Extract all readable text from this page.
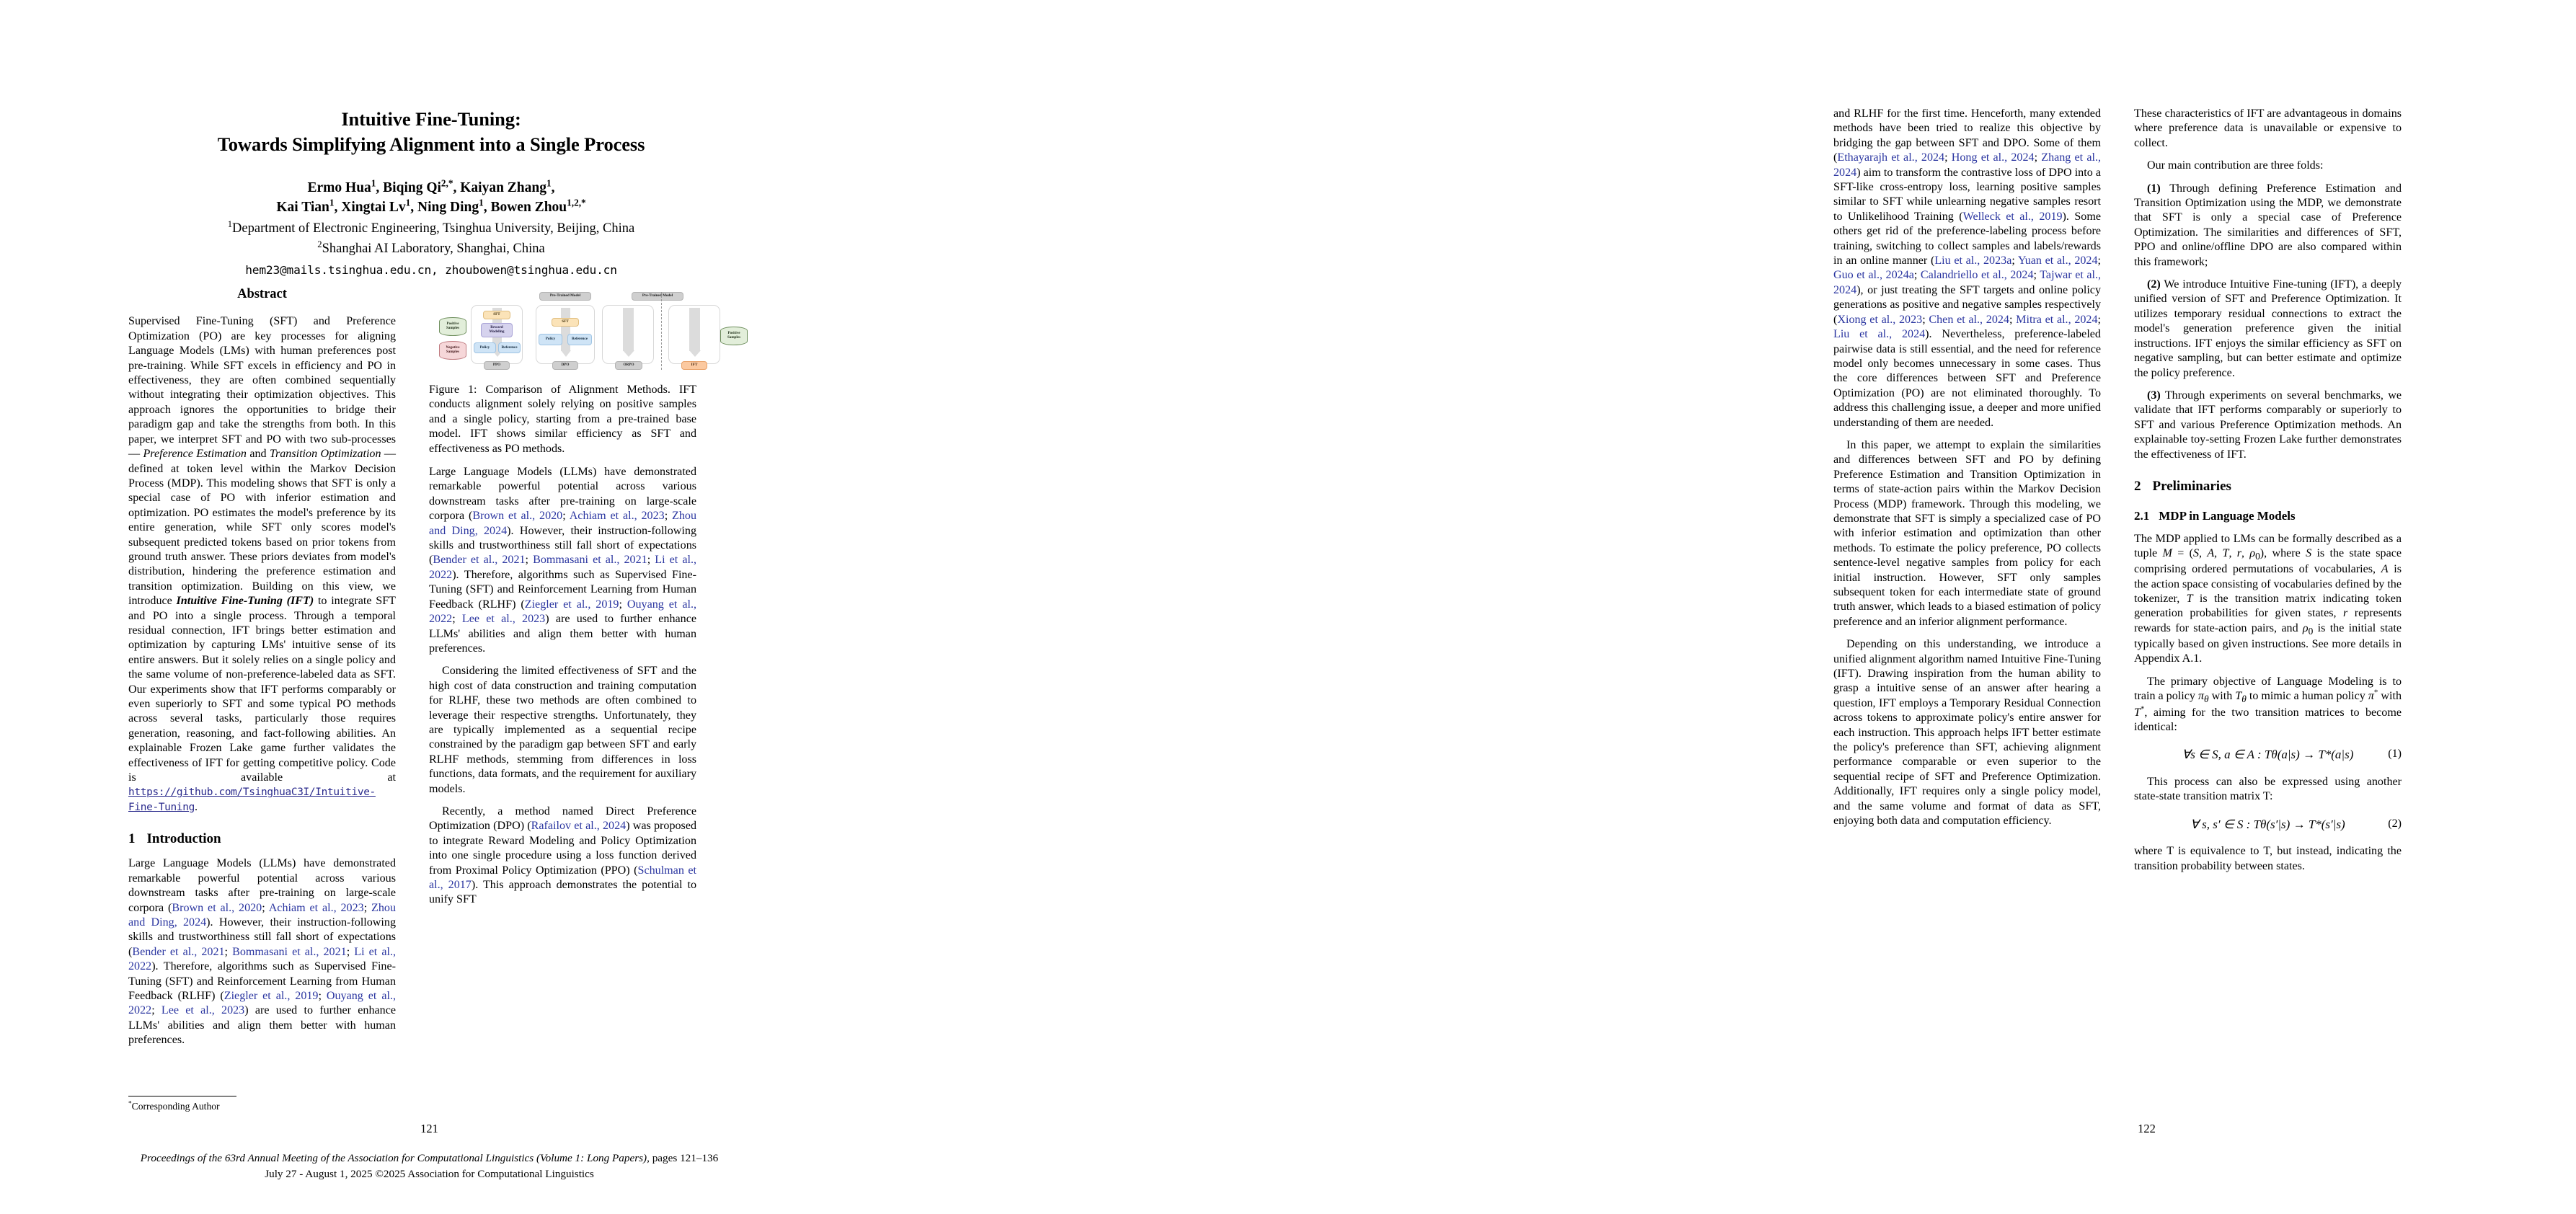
Intuitive Fine-Tuning:
Towards Simplifying Alignment into a Single Process
Ermo Hua$^1$, Biqing $Qi^{2,*}$, Kaiyan Zhang$^1$,
Kai Tian$^1$, Xingtai Lv$^1$, Ning Ding$^1$, Bowen Zhou$^{1,2,*}$
$^1$Department of Electronic Engineering, Tsinghua University, Beijing, China
$^2$Shanghai AI Laboratory, Shanghai, China
hem23@mails.tsinghua.edu.cn, zhoubowen@tsinghua.edu.cn
Abstract

Supervised Fine-Tuning (SFT) and Preference Optimization (PO) are key processes for aligning Language Models (LMs) with human preferences post pre-training. While SFT excels in efficiency and PO in effectiveness, they are often combined sequentially without integrating their optimization objectives. This approach ignores the opportunities to bridge their paradigm gap and take the strengths from both. In this paper, we interpret SFT and PO with two sub-processes — Preference Estimation and Transition Optimization — defined at token level within the Markov Decision Process (MDP). This modeling shows that SFT is only a special case of PO with inferior estimation and optimization. PO estimates the model's preference by its entire generation, while SFT only scores model's subsequent predicted tokens based on prior tokens from ground truth answer. These priors deviates from model's distribution, hindering the preference estimation and transition optimization. Building on this view, we introduce Intuitive Fine-Tuning (IFT) to integrate SFT and PO into a single process. Through a temporal residual connection, IFT brings better estimation and optimization by capturing LMs' intuitive sense of its entire answers. But it solely relies on a single policy and the same volume of non-preference-labeled data as SFT. Our experiments show that IFT performs comparably or even superiorly to SFT and some typical PO methods across several tasks, particularly those requires generation, reasoning, and fact-following abilities. An explainable Frozen Lake game further validates the effectiveness of IFT for getting competitive policy. Code is available at https://github.com/TsinghuaC3I/Intuitive-Fine-Tuning.

1 Introduction

Large Language Models (LLMs) have demonstrated remarkable powerful potential across various downstream tasks after pre-training on large-scale corpora (Brown et al., 2020; Achiam et al., 2023; Zhou and Ding, 2024). However, their instruction-following skills and trustworthiness still fall short of expectations (Bender et al., 2021; Bommasani et al., 2021; Li et al., 2022). Therefore, algorithms such as Supervised Fine-Tuning (SFT) and Reinforcement Learning from Human Feedback (RLHF) (Ziegler et al., 2019; Ouyang et al., 2022; Lee et al., 2023) are used to further enhance LLMs' abilities and align them better with human preferences.

Pre-Trained Model	Pre-Trained Model
Positive
Samples
Negative
Samples
SFT
Reward
Modeling
Policy	Reference
PPO
SFT
Policy	Reference
DPO	ORPO	IFT
Positive
Samples
Figure 1: Comparison of Alignment Methods. IFT conducts alignment solely relying on positive samples and a single policy, starting from a pre-trained base model. IFT shows similar efficiency as SFT and effectiveness as PO methods.

Large Language Models (LLMs) have demonstrated remarkable powerful potential across various downstream tasks after pre-training on large-scale corpora (Brown et al., 2020; Achiam et al., 2023; Zhou and Ding, 2024). However, their instruction-following skills and trustworthiness still fall short of expectations (Bender et al., 2021; Bommasani et al., 2021; Li et al., 2022). Therefore, algorithms such as Supervised Fine-Tuning (SFT) and Reinforcement Learning from Human Feedback (RLHF) (Ziegler et al., 2019; Ouyang et al., 2022; Lee et al., 2023) are used to further enhance LLMs' abilities and align them better with human preferences.

Considering the limited effectiveness of SFT and the high cost of data construction and training computation for RLHF, these two methods are often combined to leverage their respective strengths. Unfortunately, they are typically implemented as a sequential recipe constrained by the paradigm gap between SFT and early RLHF methods, stemming from differences in loss functions, data formats, and the requirement for auxiliary models.

Recently, a method named Direct Preference Optimization (DPO) (Rafailov et al., 2024) was proposed to integrate Reward Modeling and Policy Optimization into one single procedure using a loss function derived from Proximal Policy Optimization (PPO) (Schulman et al., 2017). This approach demonstrates the potential to unify SFT

*Corresponding Author
121
Proceedings of the 63rd Annual Meeting of the Association for Computational Linguistics (Volume 1: Long Papers), pages 121–136
July 27 - August 1, 2025 ©2025 Association for Computational Linguistics

and RLHF for the first time. Henceforth, many extended methods have been tried to realize this objective by bridging the gap between SFT and DPO. Some of them (Ethayarajh et al., 2024; Hong et al., 2024; Zhang et al., 2024) aim to transform the contrastive loss of DPO into a SFT-like cross-entropy loss, learning positive samples similar to SFT while unlearning negative samples resort to Unlikelihood Training (Welleck et al., 2019). Some others get rid of the preference-labeling process before training, switching to collect samples and labels/rewards in an online manner (Liu et al., 2023a; Yuan et al., 2024; Guo et al., 2024a; Calandriello et al., 2024; Tajwar et al., 2024), or just treating the SFT targets and online policy generations as positive and negative samples respectively (Xiong et al., 2023; Chen et al., 2024; Mitra et al., 2024; Liu et al., 2024). Nevertheless, preference-labeled pairwise data is still essential, and the need for reference model only becomes unnecessary in some cases. Thus the core differences between SFT and Preference Optimization (PO) are not eliminated thoroughly. To address this challenging issue, a deeper and more unified understanding of them are needed.

In this paper, we attempt to explain the similarities and differences between SFT and PO by defining Preference Estimation and Transition Optimization in terms of state-action pairs within the Markov Decision Process (MDP) framework. Through this modeling, we demonstrate that SFT is simply a specialized case of PO with inferior estimation and optimization than other methods. To estimate the policy preference, PO collects sentence-level negative samples from policy for each initial instruction. However, SFT only samples subsequent token for each intermediate state of ground truth answer, which leads to a biased estimation of policy preference and an inferior alignment performance.

Depending on this understanding, we introduce a unified alignment algorithm named Intuitive Fine-Tuning (IFT). Drawing inspiration from the human ability to grasp a intuitive sense of an answer after hearing a question, IFT employs a Temporary Residual Connection across tokens to approximate policy's entire answer for each instruction. This approach helps IFT better estimate the policy's preference than SFT, achieving alignment performance comparable or even superior to the sequential recipe of SFT and Preference Optimization. Additionally, IFT requires only a single policy model, and the same volume and format of data as SFT, enjoying both data and computation efficiency.

These characteristics of IFT are advantageous in domains where preference data is unavailable or expensive to collect.

Our main contribution are three folds:

(1) Through defining Preference Estimation and Transition Optimization using the MDP, we demonstrate that SFT is only a special case of Preference Optimization. The similarities and differences of SFT, PPO and online/offline DPO are also compared within this framework;

(2) We introduce Intuitive Fine-tuning (IFT), a deeply unified version of SFT and Preference Optimization. It utilizes temporary residual connections to extract the model's generation preference given the initial instructions. IFT enjoys the similar efficiency as SFT on negative sampling, but can better estimate and optimize the policy preference.

(3) Through experiments on several benchmarks, we validate that IFT performs comparably or superiorly to SFT and various Preference Optimization methods. An explainable toy-setting Frozen Lake further demonstrates the effectiveness of IFT.

2 Preliminaries
2.1 MDP in Language Models

The MDP applied to LMs can be formally described as a tuple M = (S, A, T, r, $\rho_0$), where S is the state space comprising ordered permutations of vocabularies, A is the action space consisting of vocabularies defined by the tokenizer, T is the transition matrix indicating token generation probabilities for given states, r represents rewards for state-action pairs, and $\rho_0$ is the initial state typically based on given instructions. See more details in Appendix A.1.

The primary objective of Language Modeling is to train a policy $\pi_\theta$ with $T_\theta$ to mimic a human policy π* with T*, aiming for the two transition matrices to become identical:

∀s ∈ S, a ∈ A : Tθ(a|s) → T*(a|s)	(1)

This process can also be expressed using another state-state transition matrix T:

∀ s, s′ ∈ S : Tθ(s′|s) → T*(s′|s)	(2)

where T is equivalence to T, but instead, indicating the transition probability between states.

122
